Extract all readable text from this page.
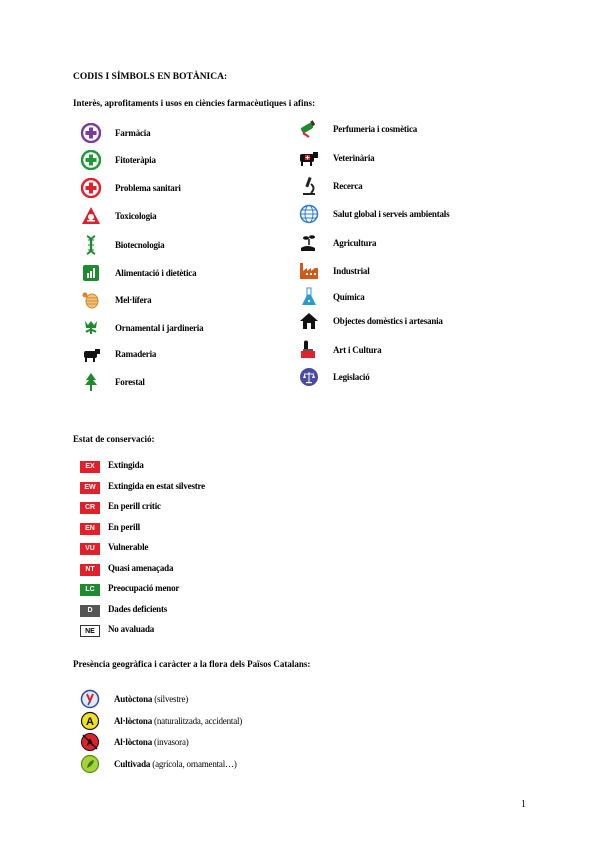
CODIS I SÍMBOLS EN BOTÀNICA:
Interès, aprofitaments i usos en ciències farmacèutiques i afins:
Estat de conservació:
Presència geogràfica i caràcter a la flora dels Països Catalans:
1
Farmàcia
Fitoteràpia
Problema sanitari
Toxicologia
Biotecnologia
Alimentació i dietètica
Mel·lífera
Ornamental i jardineria
Ramaderia
Forestal
Perfumeria i cosmètica
Veterinària
Recerca
Salut global i serveis ambientals
Agricultura
Industrial
Química
Objectes domèstics i artesania
Art i Cultura
Legislació
EX	Extingida
EW	Extingida en estat silvestre
CR	En perill crític
EN	En perill
VU	Vulnerable
NT	Quasi amenaçada
LC	Preocupació menor
D	Dades deficients
NE	No avaluada
Autòctona (silvestre)
A Al·lòctona (naturalitzada, accidental)
A Al·lòctona (invasora)
Cultivada (agrícola, ornamental…)
